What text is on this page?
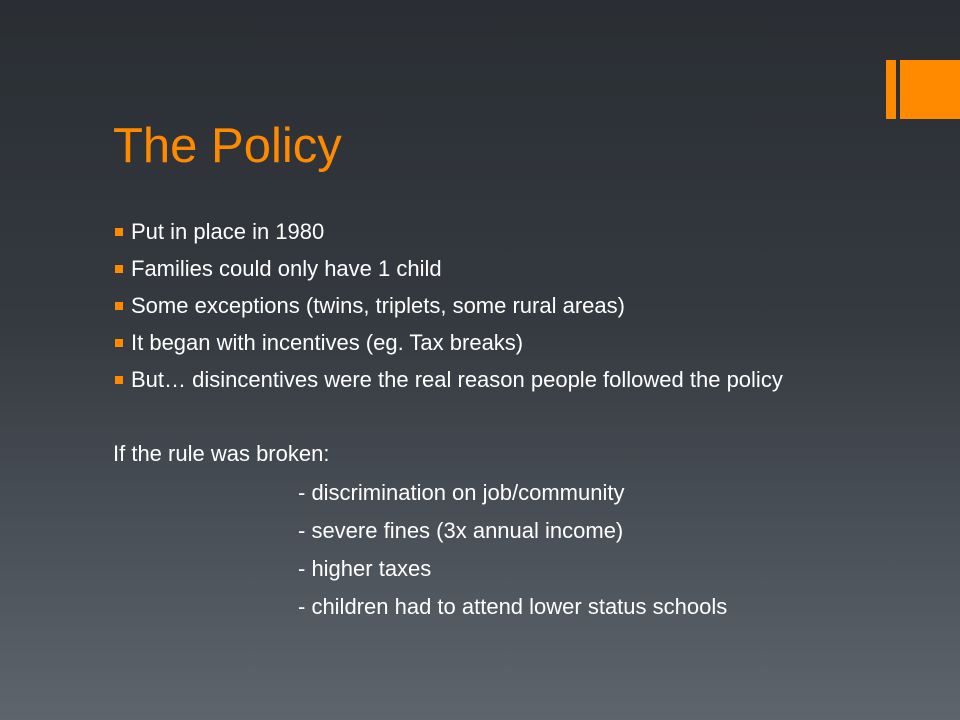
The Policy
Put in place in 1980
Families could only have 1 child
Some exceptions (twins, triplets, some rural areas)
It began with incentives (eg. Tax breaks)
But… disincentives were the real reason people followed the policy

If the rule was broken:

- discrimination on job/community
- severe fines (3x annual income)
- higher taxes
- children had to attend lower status schools
